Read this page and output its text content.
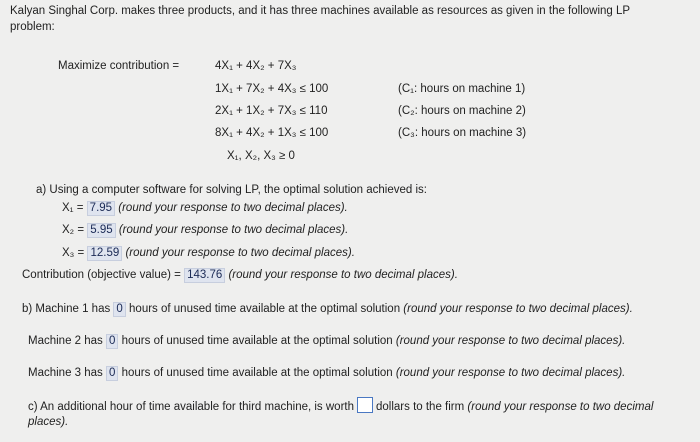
Kalyan Singhal Corp. makes three products, and it has three machines available as resources as given in the following LP
problem:
Maximize contribution =	4X₁ + 4X₂ + 7X₃
1X₁ + 7X₂ + 4X₃ ≤ 100	(C₁: hours on machine 1)
2X₁ + 1X₂ + 7X₃ ≤ 110	(C₂: hours on machine 2)
8X₁ + 4X₂ + 1X₃ ≤ 100	(C₃: hours on machine 3)
X₁, X₂, X₃ ≥ 0
a) Using a computer software for solving LP, the optimal solution achieved is:
X₁ = 7.95 (round your response to two decimal places).
X₂ = 5.95 (round your response to two decimal places).
X₃ = 12.59 (round your response to two decimal places).
Contribution (objective value) = 143.76 (round your response to two decimal places).
b) Machine 1 has 0 hours of unused time available at the optimal solution (round your response to two decimal places).
Machine 2 has 0 hours of unused time available at the optimal solution (round your response to two decimal places).
Machine 3 has 0 hours of unused time available at the optimal solution (round your response to two decimal places).
c) An additional hour of time available for third machine, is worth dollars to the firm (round your response to two decimal
places).
